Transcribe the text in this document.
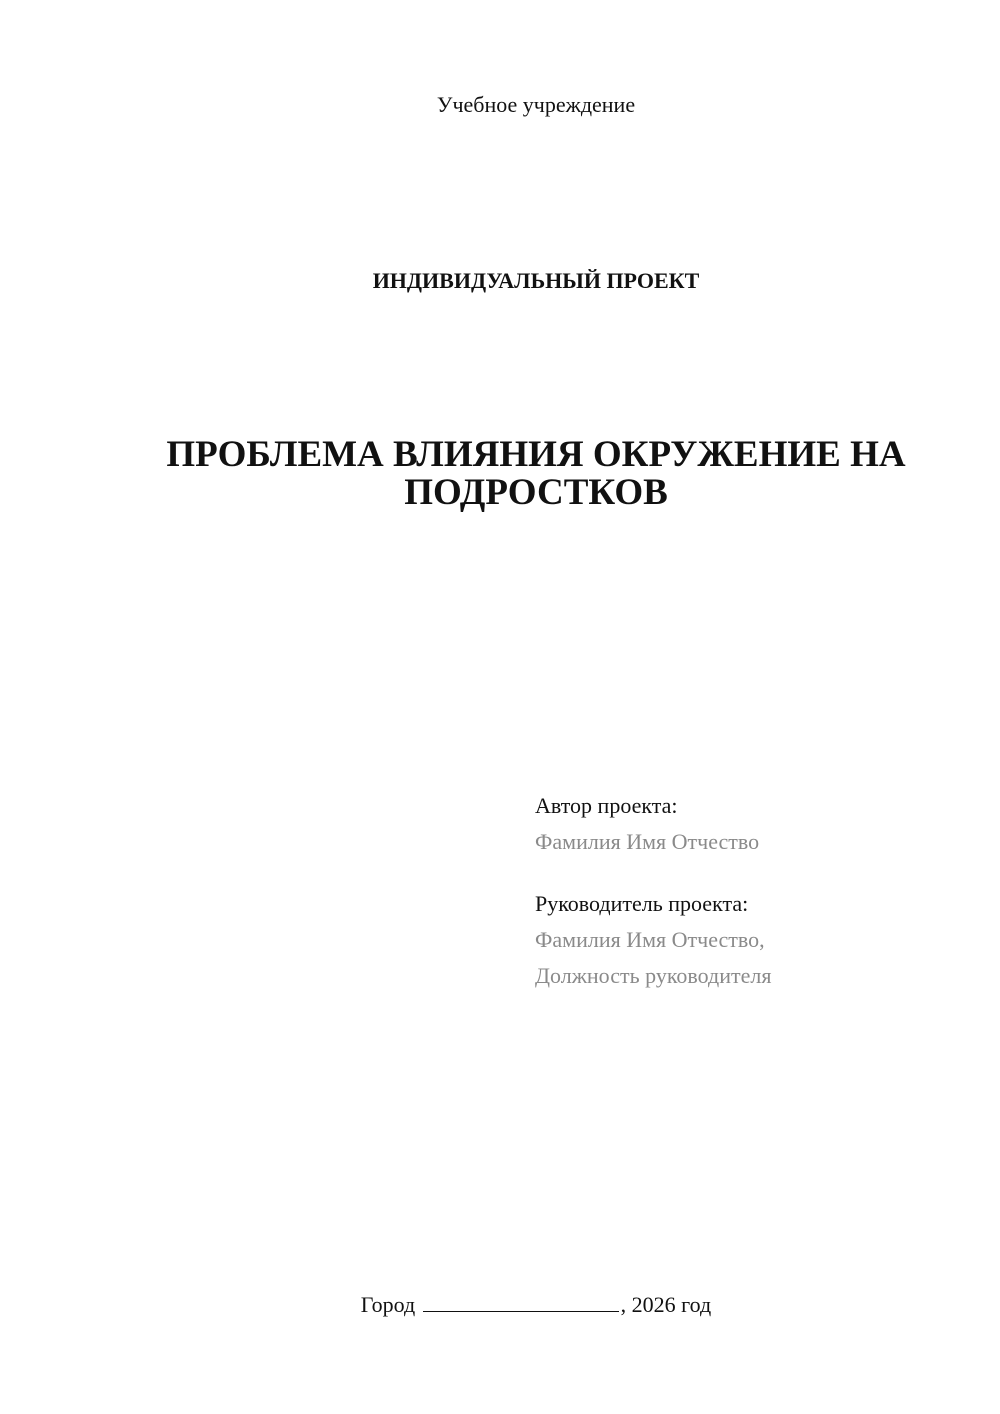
Учебное учреждение
ИНДИВИДУАЛЬНЫЙ ПРОЕКТ
ПРОБЛЕМА ВЛИЯНИЯ ОКРУЖЕНИЕ НА
ПОДРОСТКОВ
Автор проекта:
Фамилия Имя Отчество
Руководитель проекта:
Фамилия Имя Отчество,
Должность руководителя
Город	, 2026 год
